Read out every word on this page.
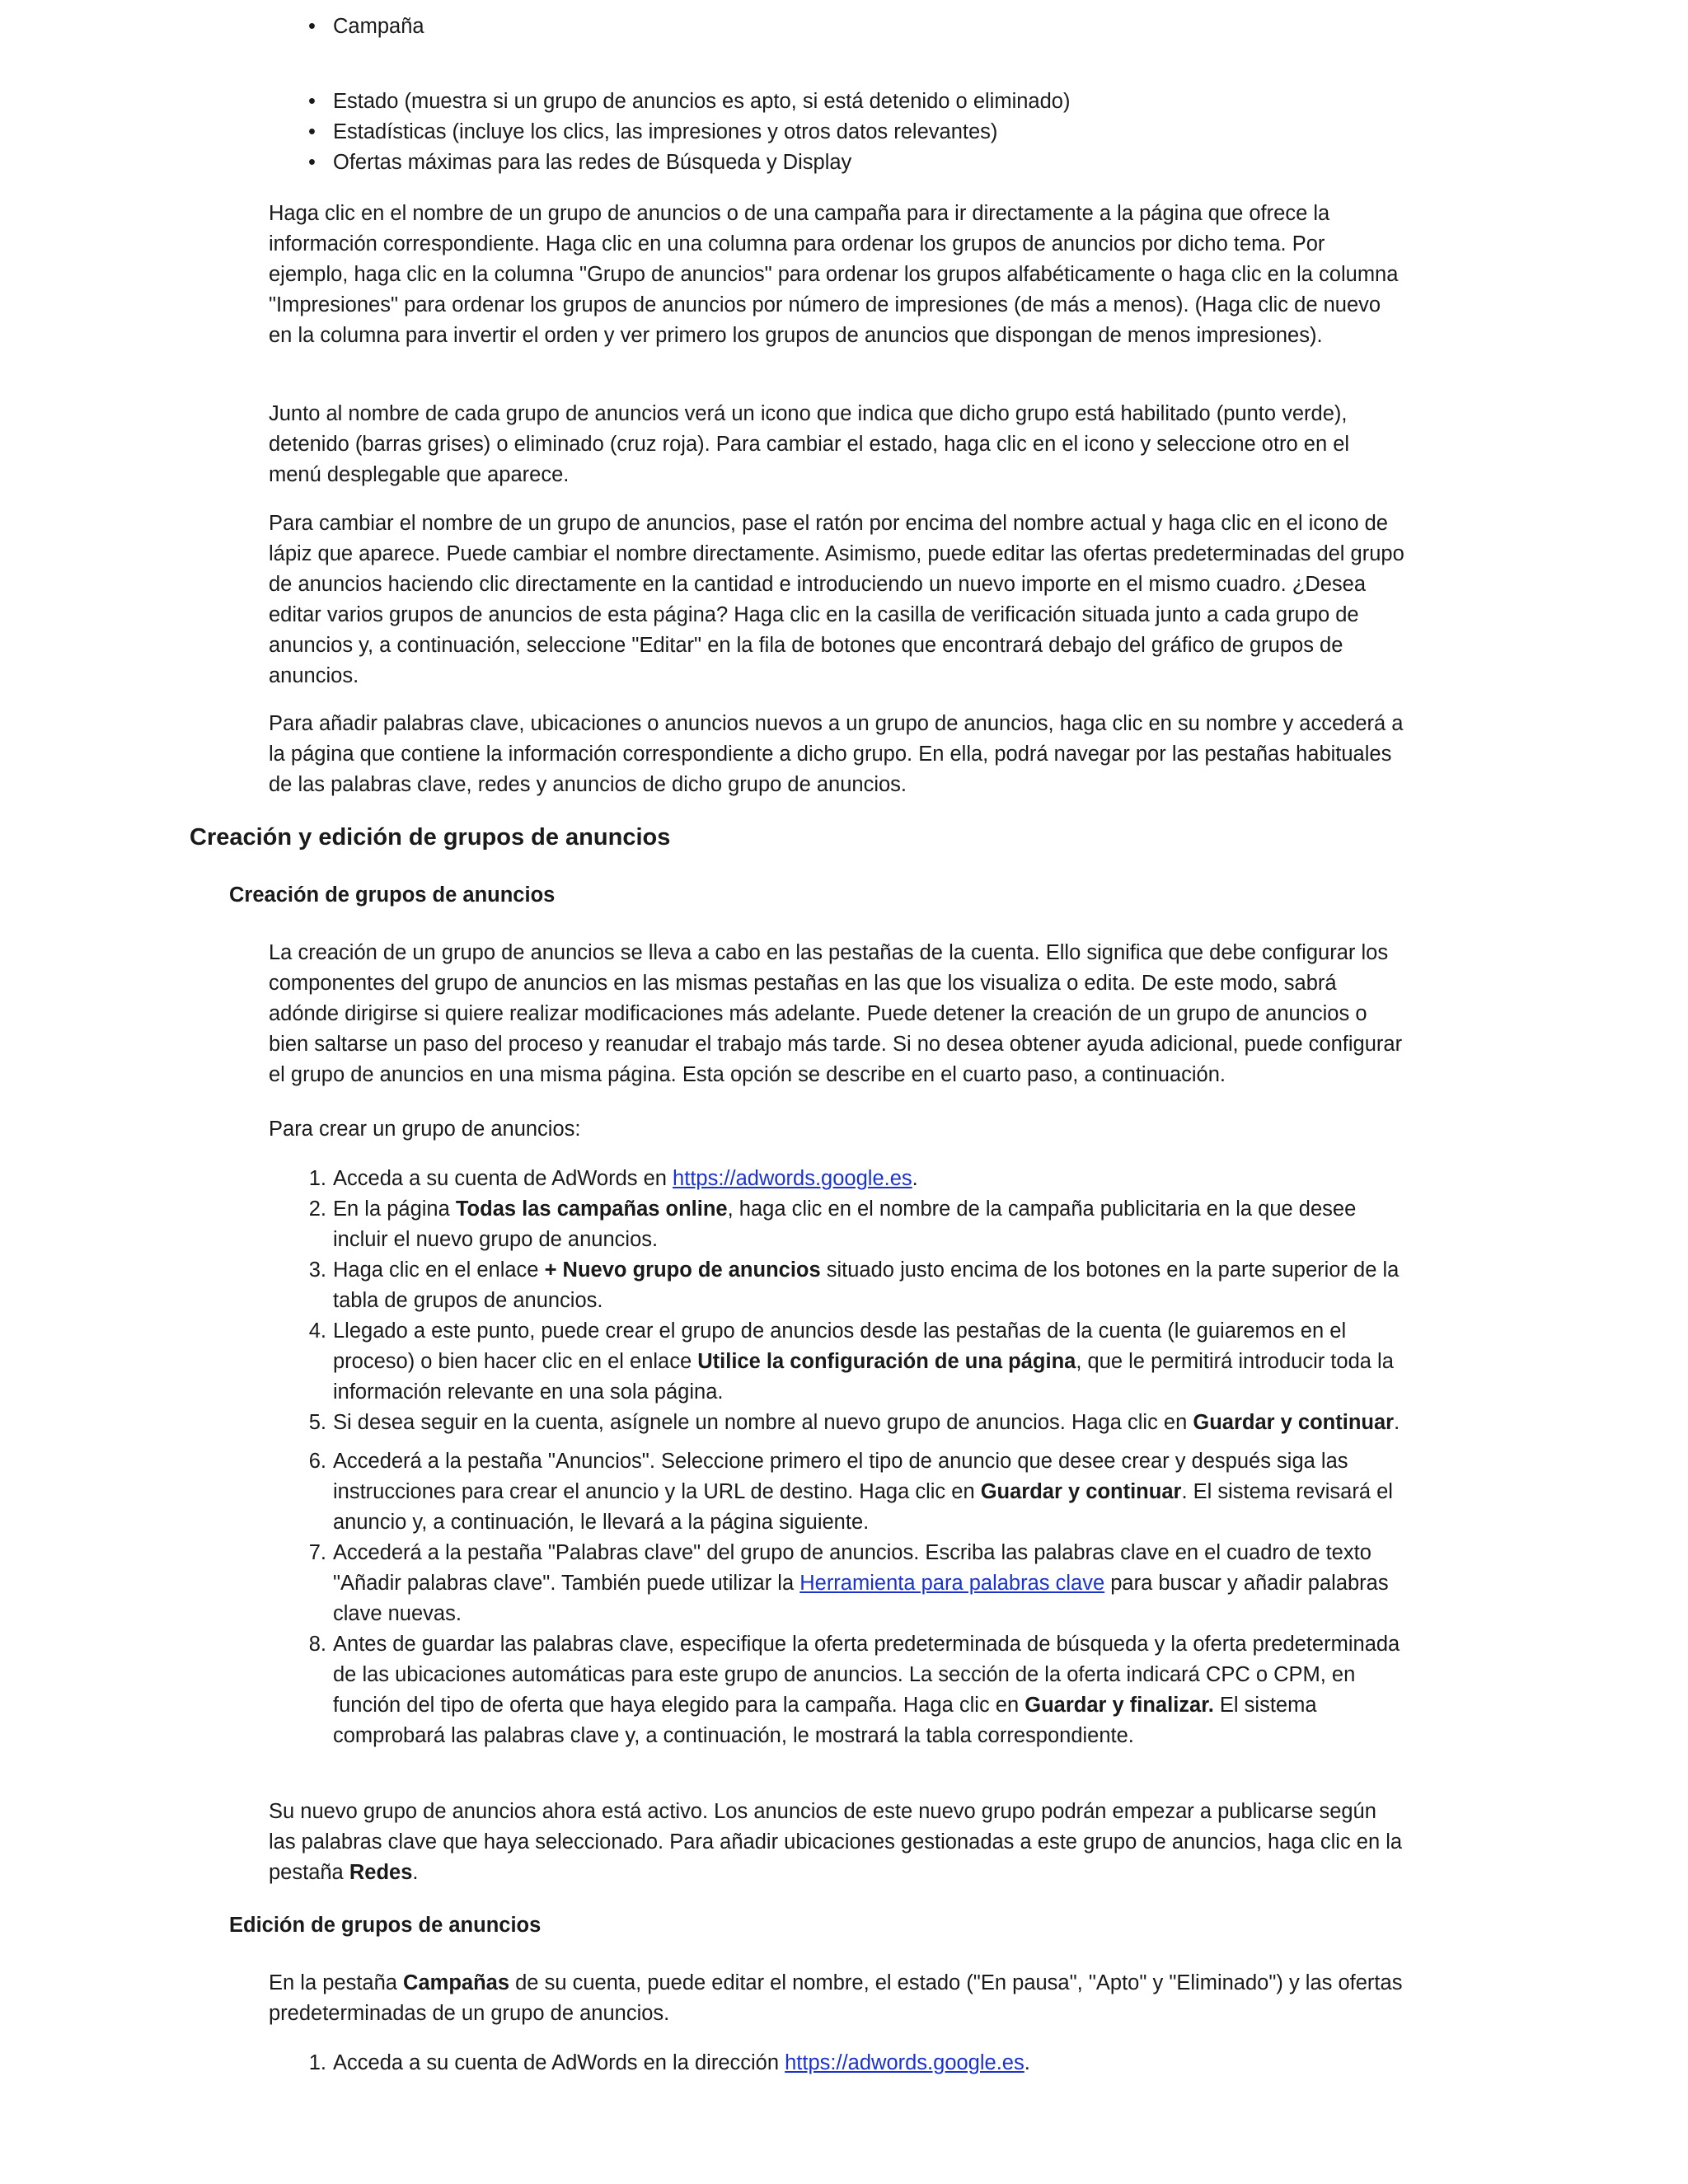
• Campaña
• Estado (muestra si un grupo de anuncios es apto, si está detenido o eliminado)
• Estadísticas (incluye los clics, las impresiones y otros datos relevantes)
• Ofertas máximas para las redes de Búsqueda y Display

Haga clic en el nombre de un grupo de anuncios o de una campaña para ir directamente a la página que ofrece la información correspondiente. Haga clic en una columna para ordenar los grupos de anuncios por dicho tema. Por ejemplo, haga clic en la columna "Grupo de anuncios" para ordenar los grupos alfabéticamente o haga clic en la columna "Impresiones" para ordenar los grupos de anuncios por número de impresiones (de más a menos). (Haga clic de nuevo en la columna para invertir el orden y ver primero los grupos de anuncios que dispongan de menos impresiones).

Junto al nombre de cada grupo de anuncios verá un icono que indica que dicho grupo está habilitado (punto verde), detenido (barras grises) o eliminado (cruz roja). Para cambiar el estado, haga clic en el icono y seleccione otro en el menú desplegable que aparece.

Para cambiar el nombre de un grupo de anuncios, pase el ratón por encima del nombre actual y haga clic en el icono de lápiz que aparece. Puede cambiar el nombre directamente. Asimismo, puede editar las ofertas predeterminadas del grupo de anuncios haciendo clic directamente en la cantidad e introduciendo un nuevo importe en el mismo cuadro. ¿Desea editar varios grupos de anuncios de esta página? Haga clic en la casilla de verificación situada junto a cada grupo de anuncios y, a continuación, seleccione "Editar" en la fila de botones que encontrará debajo del gráfico de grupos de anuncios.

Para añadir palabras clave, ubicaciones o anuncios nuevos a un grupo de anuncios, haga clic en su nombre y accederá a la página que contiene la información correspondiente a dicho grupo. En ella, podrá navegar por las pestañas habituales de las palabras clave, redes y anuncios de dicho grupo de anuncios.

Creación y edición de grupos de anuncios
Creación de grupos de anuncios

La creación de un grupo de anuncios se lleva a cabo en las pestañas de la cuenta. Ello significa que debe configurar los componentes del grupo de anuncios en las mismas pestañas en las que los visualiza o edita. De este modo, sabrá adónde dirigirse si quiere realizar modificaciones más adelante. Puede detener la creación de un grupo de anuncios o bien saltarse un paso del proceso y reanudar el trabajo más tarde. Si no desea obtener ayuda adicional, puede configurar el grupo de anuncios en una misma página. Esta opción se describe en el cuarto paso, a continuación.

Para crear un grupo de anuncios:

1. Acceda a su cuenta de AdWords en https://adwords.google.es.
2. En la página Todas las campañas online, haga clic en el nombre de la campaña publicitaria en la que desee incluir el nuevo grupo de anuncios.
3. Haga clic en el enlace + Nuevo grupo de anuncios situado justo encima de los botones en la parte superior de la tabla de grupos de anuncios.
4. Llegado a este punto, puede crear el grupo de anuncios desde las pestañas de la cuenta (le guiaremos en el proceso) o bien hacer clic en el enlace Utilice la configuración de una página, que le permitirá introducir toda la información relevante en una sola página.
5. Si desea seguir en la cuenta, asígnele un nombre al nuevo grupo de anuncios. Haga clic en Guardar y continuar.
6. Accederá a la pestaña "Anuncios". Seleccione primero el tipo de anuncio que desee crear y después siga las instrucciones para crear el anuncio y la URL de destino. Haga clic en Guardar y continuar. El sistema revisará el anuncio y, a continuación, le llevará a la página siguiente.
7. Accederá a la pestaña "Palabras clave" del grupo de anuncios. Escriba las palabras clave en el cuadro de texto "Añadir palabras clave". También puede utilizar la Herramienta para palabras clave para buscar y añadir palabras clave nuevas.
8. Antes de guardar las palabras clave, especifique la oferta predeterminada de búsqueda y la oferta predeterminada de las ubicaciones automáticas para este grupo de anuncios. La sección de la oferta indicará CPC o CPM, en función del tipo de oferta que haya elegido para la campaña. Haga clic en Guardar y finalizar. El sistema comprobará las palabras clave y, a continuación, le mostrará la tabla correspondiente.

Su nuevo grupo de anuncios ahora está activo. Los anuncios de este nuevo grupo podrán empezar a publicarse según las palabras clave que haya seleccionado. Para añadir ubicaciones gestionadas a este grupo de anuncios, haga clic en la pestaña Redes.

Edición de grupos de anuncios

En la pestaña Campañas de su cuenta, puede editar el nombre, el estado ("En pausa", "Apto" y "Eliminado") y las ofertas predeterminadas de un grupo de anuncios.

1. Acceda a su cuenta de AdWords en la dirección https://adwords.google.es.
